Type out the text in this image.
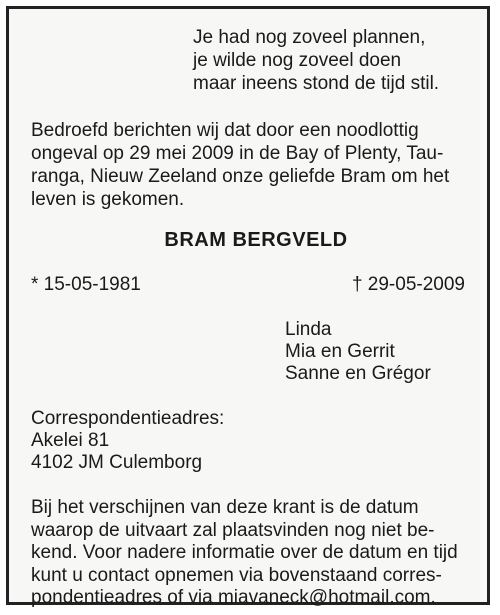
Je had nog zoveel plannen,
je wilde nog zoveel doen
maar ineens stond de tijd stil.
Bedroefd berichten wij dat door een noodlottig
ongeval op 29 mei 2009 in de Bay of Plenty, Tau-
ranga, Nieuw Zeeland onze geliefde Bram om het
leven is gekomen.
BRAM BERGVELD
* 15-05-1981	† 29-05-2009
Linda
Mia en Gerrit
Sanne en Grégor
Correspondentieadres:
Akelei 81
4102 JM Culemborg
Bij het verschijnen van deze krant is de datum
waarop de uitvaart zal plaatsvinden nog niet be-
kend. Voor nadere informatie over de datum en tijd
kunt u contact opnemen via bovenstaand corres-
pondentieadres of via miavaneck@hotmail.com.
